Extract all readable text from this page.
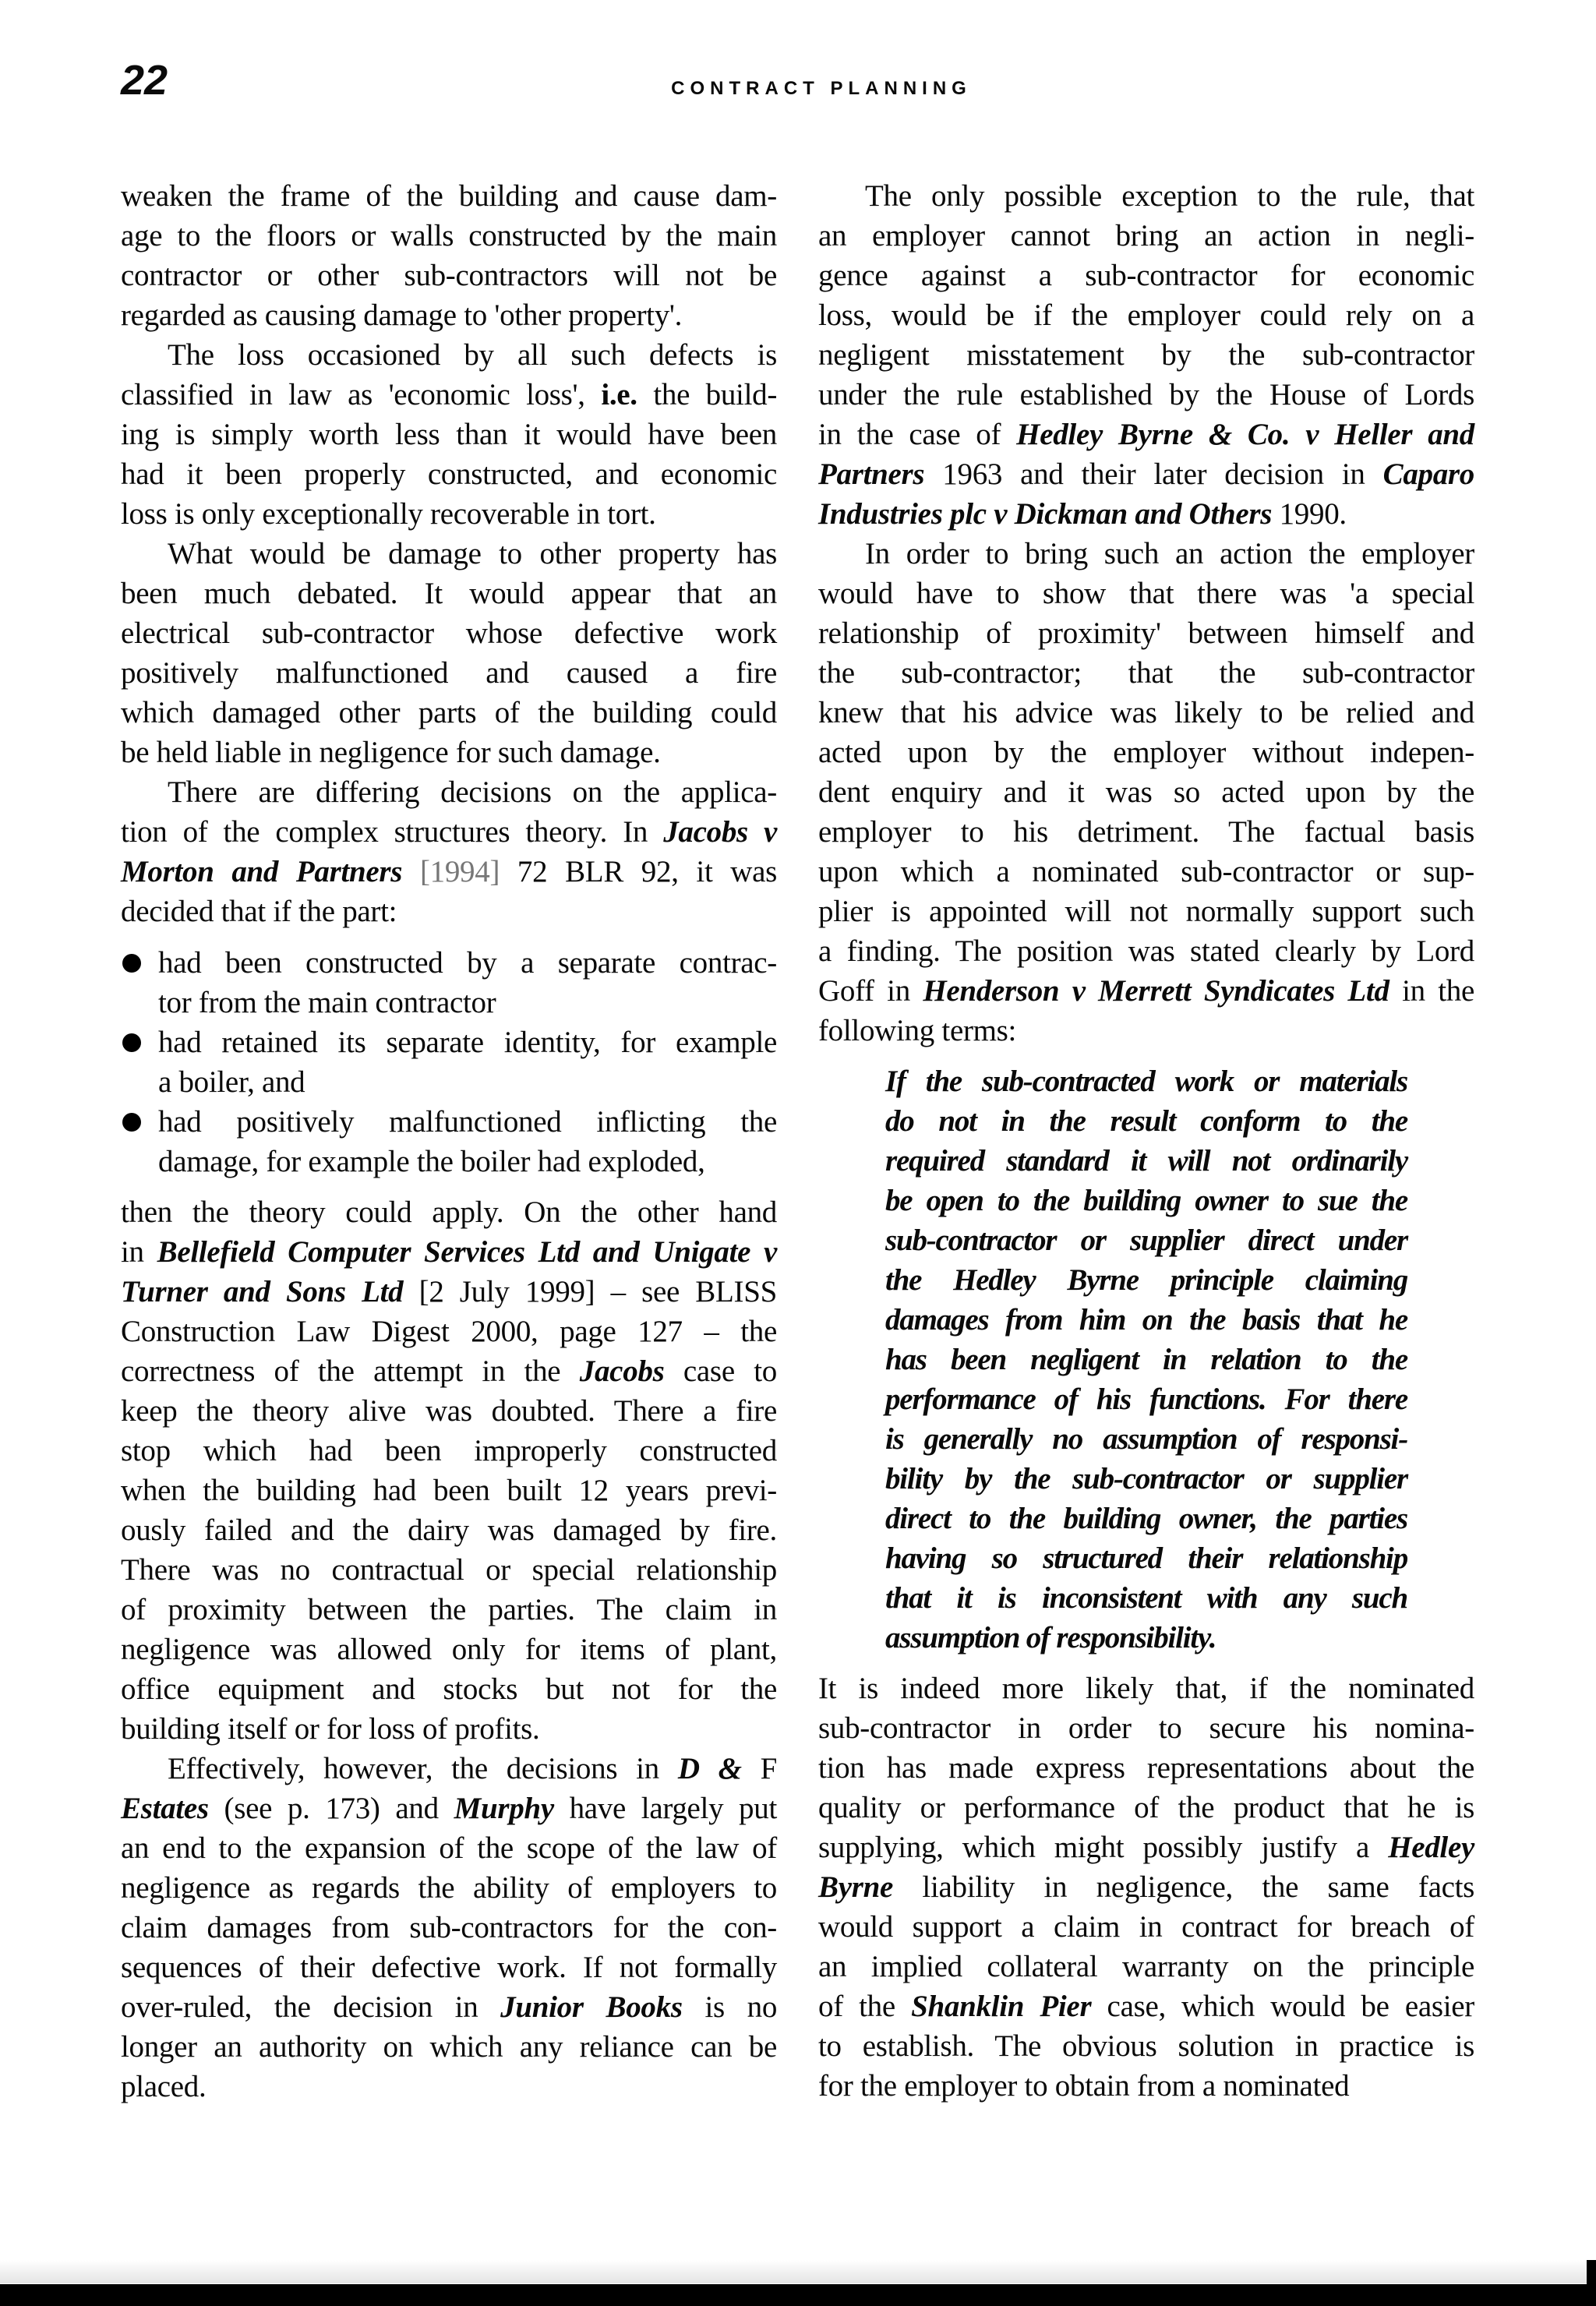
22	CONTRACT PLANNING
weaken the frame of the building and cause dam-
age to the floors or walls constructed by the main
contractor or other sub-contractors will not be
regarded as causing damage to 'other property'.
The loss occasioned by all such defects is
classified in law as 'economic loss', i.e. the build-
ing is simply worth less than it would have been
had it been properly constructed, and economic
loss is only exceptionally recoverable in tort.
What would be damage to other property has
been much debated. It would appear that an
electrical sub-contractor whose defective work
positively malfunctioned and caused a fire
which damaged other parts of the building could
be held liable in negligence for such damage.
There are differing decisions on the applica-
tion of the complex structures theory. In Jacobs v
Morton and Partners [1994] 72 BLR 92, it was
decided that if the part:
had been constructed by a separate contrac-
tor from the main contractor
had retained its separate identity, for example
a boiler, and
had positively malfunctioned inflicting the
damage, for example the boiler had exploded,
then the theory could apply. On the other hand
in Bellefield Computer Services Ltd and Unigate v
Turner and Sons Ltd [2 July 1999] – see BLISS
Construction Law Digest 2000, page 127 – the
correctness of the attempt in the Jacobs case to
keep the theory alive was doubted. There a fire
stop which had been improperly constructed
when the building had been built 12 years previ-
ously failed and the dairy was damaged by fire.
There was no contractual or special relationship
of proximity between the parties. The claim in
negligence was allowed only for items of plant,
office equipment and stocks but not for the
building itself or for loss of profits.
Effectively, however, the decisions in D & F
Estates (see p. 173) and Murphy have largely put
an end to the expansion of the scope of the law of
negligence as regards the ability of employers to
claim damages from sub-contractors for the con-
sequences of their defective work. If not formally
over-ruled, the decision in Junior Books is no
longer an authority on which any reliance can be
placed.
The only possible exception to the rule, that
an employer cannot bring an action in negli-
gence against a sub-contractor for economic
loss, would be if the employer could rely on a
negligent misstatement by the sub-contractor
under the rule established by the House of Lords
in the case of Hedley Byrne & Co. v Heller and
Partners 1963 and their later decision in Caparo
Industries plc v Dickman and Others 1990.
In order to bring such an action the employer
would have to show that there was 'a special
relationship of proximity' between himself and
the sub-contractor; that the sub-contractor
knew that his advice was likely to be relied and
acted upon by the employer without indepen-
dent enquiry and it was so acted upon by the
employer to his detriment. The factual basis
upon which a nominated sub-contractor or sup-
plier is appointed will not normally support such
a finding. The position was stated clearly by Lord
Goff in Henderson v Merrett Syndicates Ltd in the
following terms:
If the sub-contracted work or materials
do not in the result conform to the
required standard it will not ordinarily
be open to the building owner to sue the
sub-contractor or supplier direct under
the Hedley Byrne principle claiming
damages from him on the basis that he
has been negligent in relation to the
performance of his functions. For there
is generally no assumption of responsi-
bility by the sub-contractor or supplier
direct to the building owner, the parties
having so structured their relationship
that it is inconsistent with any such
assumption of responsibility.
It is indeed more likely that, if the nominated
sub-contractor in order to secure his nomina-
tion has made express representations about the
quality or performance of the product that he is
supplying, which might possibly justify a Hedley
Byrne liability in negligence, the same facts
would support a claim in contract for breach of
an implied collateral warranty on the principle
of the Shanklin Pier case, which would be easier
to establish. The obvious solution in practice is
for the employer to obtain from a nominated
